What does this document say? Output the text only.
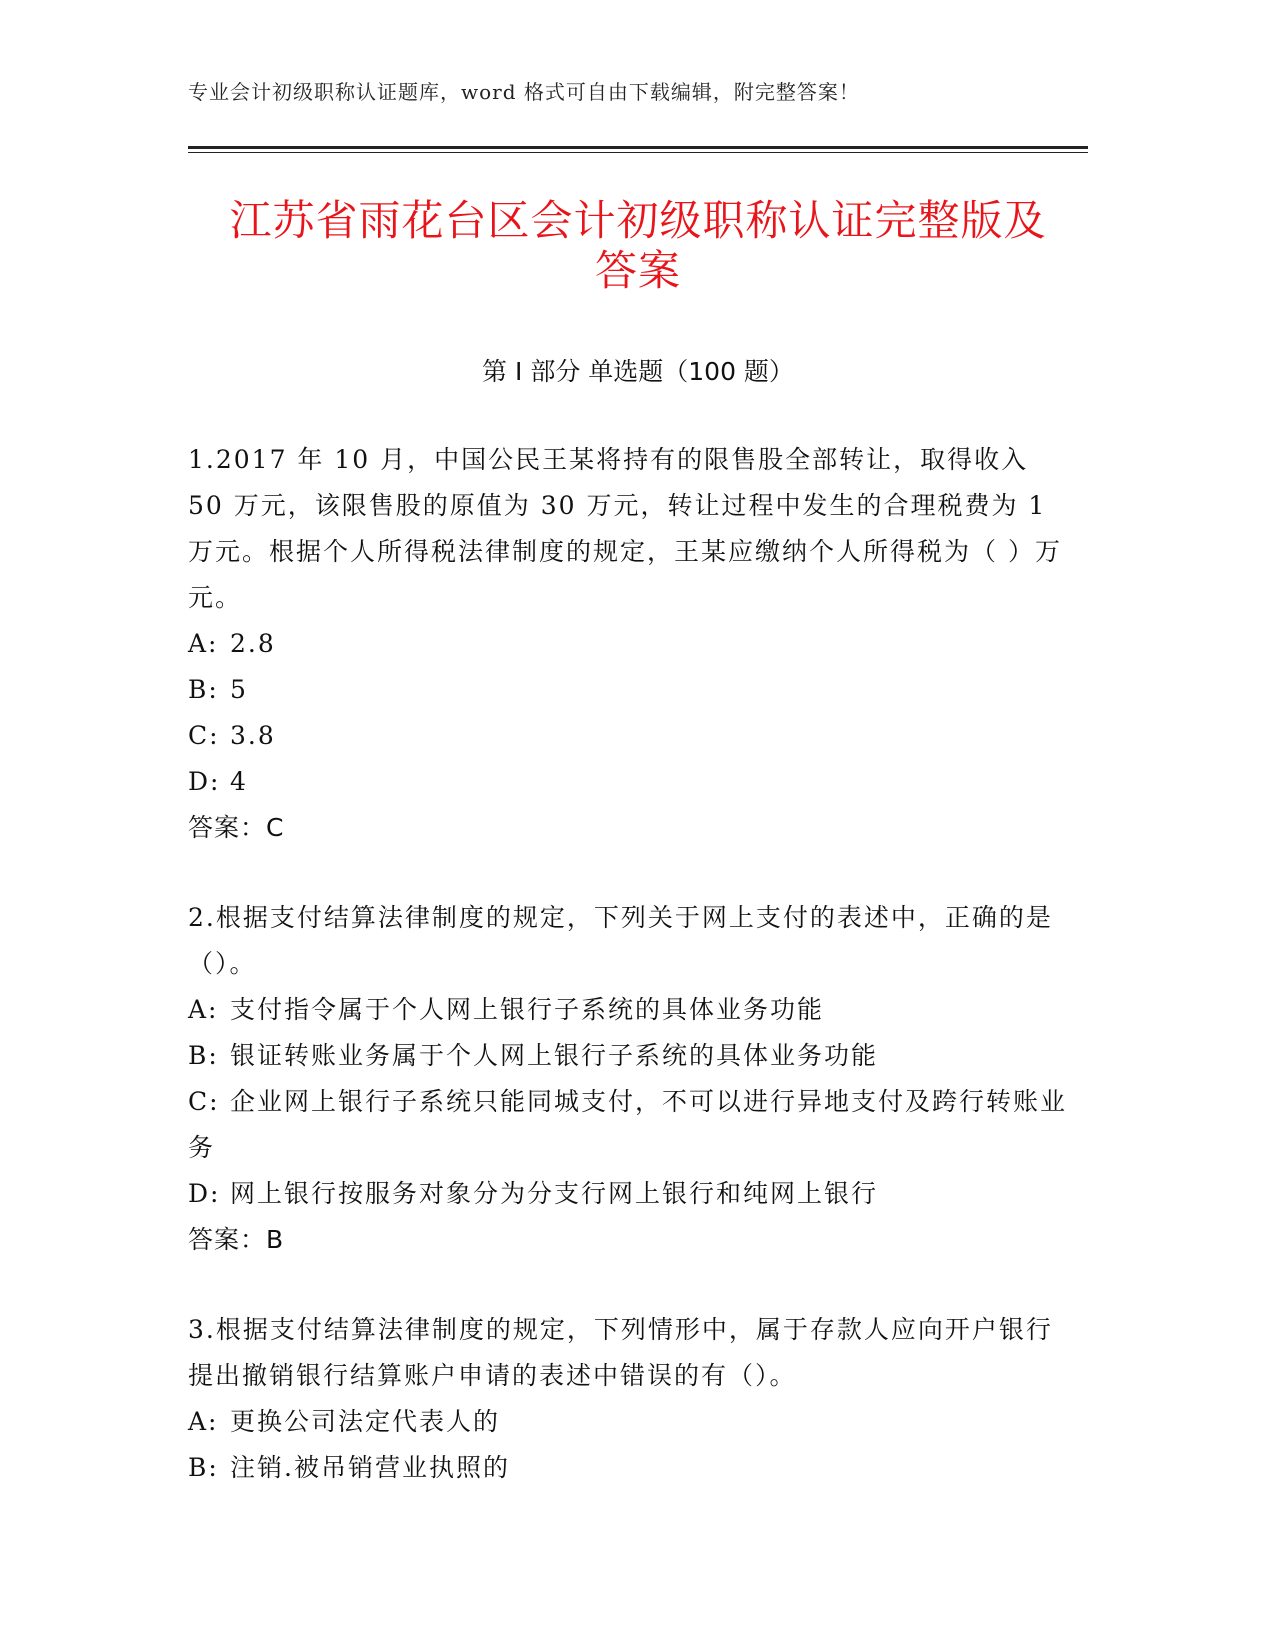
专业会计初级职称认证题库，word 格式可自由下载编辑，附完整答案！
江苏省雨花台区会计初级职称认证完整版及
答案
第 I 部分 单选题（100 题）

1.2017 年 10 月，中国公民王某将持有的限售股全部转让，取得收入 50 万元，该限售股的原值为 30 万元，转让过程中发生的合理税费为 1 万元。根据个人所得税法律制度的规定，王某应缴纳个人所得税为（ ）万元。

A: 2.8

B: 5

C: 3.8

D: 4

答案：C

2.根据支付结算法律制度的规定，下列关于网上支付的表述中，正确的是（）。

A: 支付指令属于个人网上银行子系统的具体业务功能

B: 银证转账业务属于个人网上银行子系统的具体业务功能

C: 企业网上银行子系统只能同城支付，不可以进行异地支付及跨行转账业务

D: 网上银行按服务对象分为分支行网上银行和纯网上银行

答案：B

3.根据支付结算法律制度的规定，下列情形中，属于存款人应向开户银行提出撤销银行结算账户申请的表述中错误的有（）。

A: 更换公司法定代表人的

B: 注销.被吊销营业执照的
